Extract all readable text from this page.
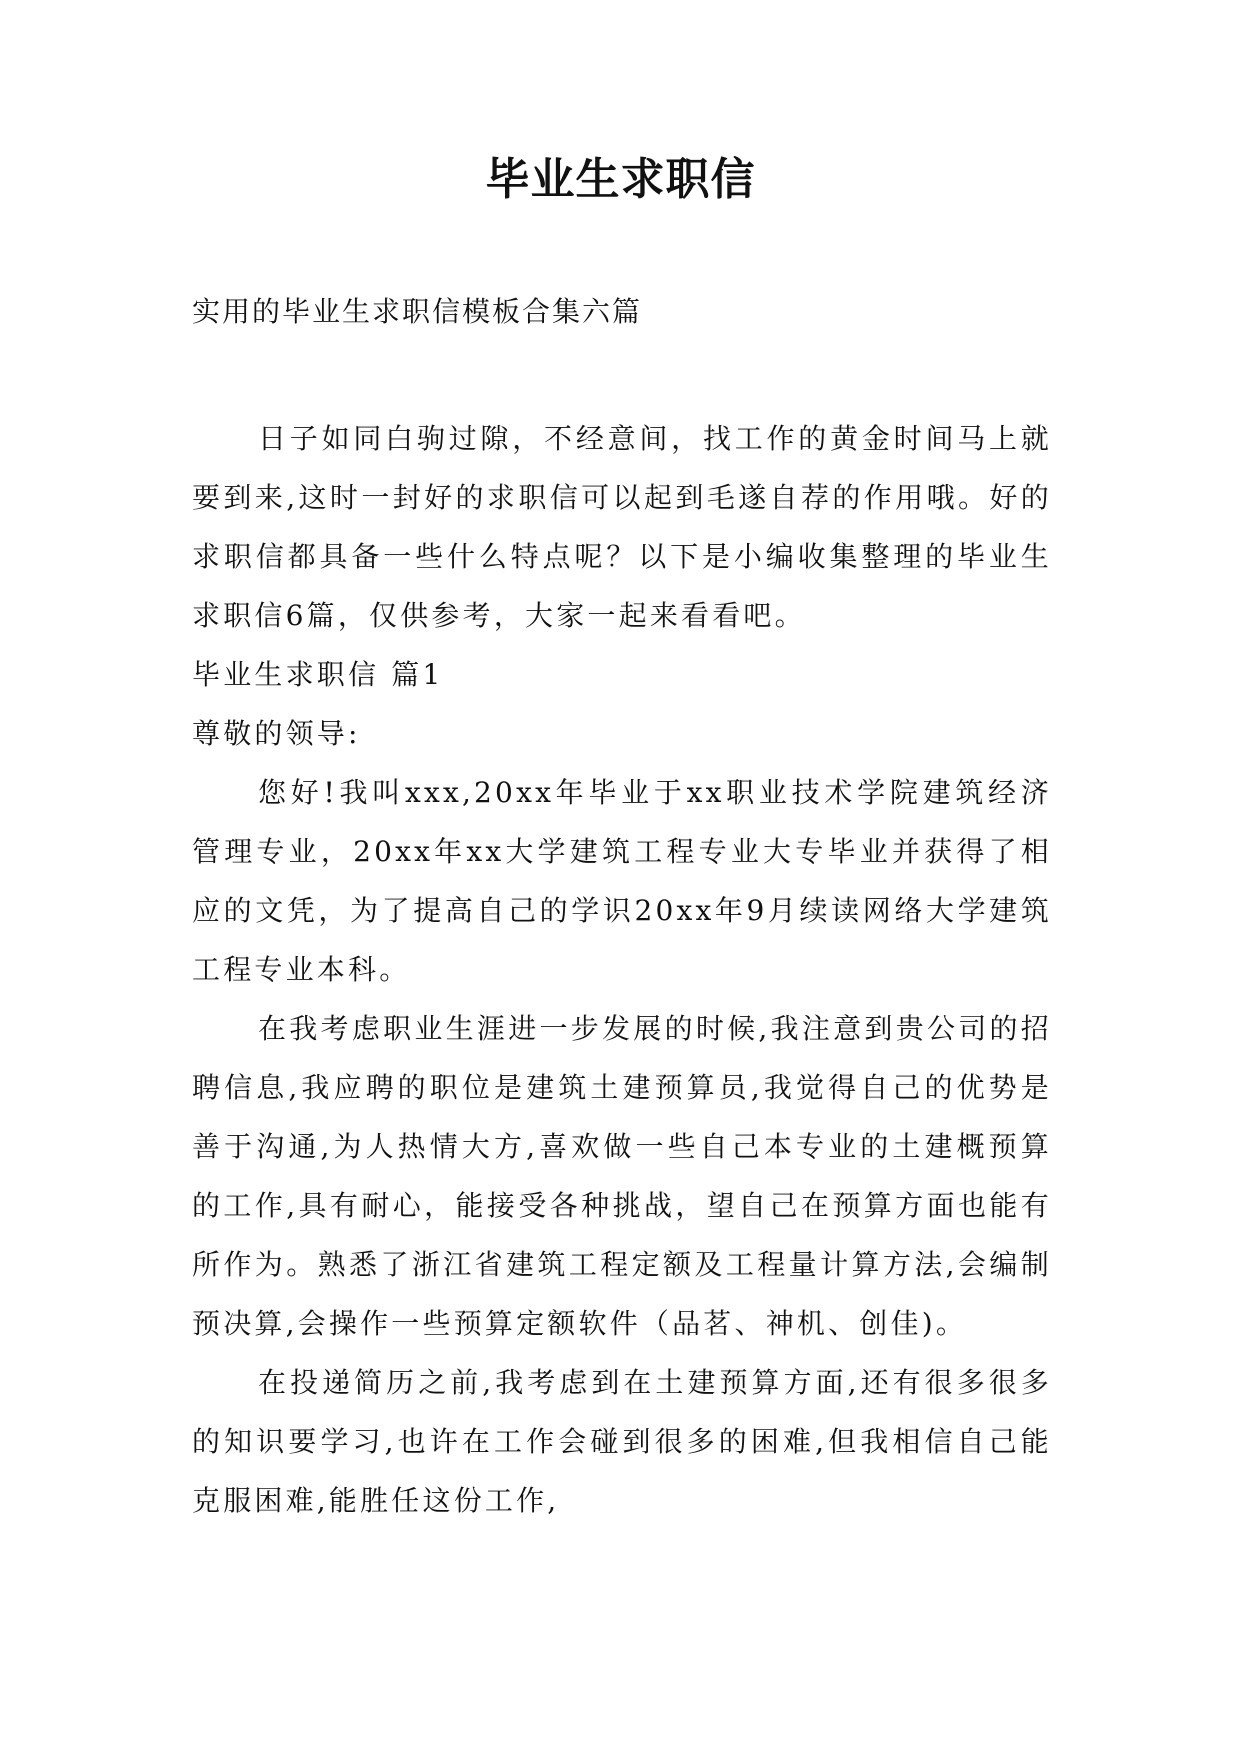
毕业生求职信
实用的毕业生求职信模板合集六篇

日子如同白驹过隙，不经意间，找工作的黄金时间马上就要到来,这时一封好的求职信可以起到毛遂自荐的作用哦。好的求职信都具备一些什么特点呢？以下是小编收集整理的毕业生求职信6篇，仅供参考，大家一起来看看吧。

毕业生求职信 篇1

尊敬的领导:

您好!我叫xxx,20xx年毕业于xx职业技术学院建筑经济管理专业，20xx年xx大学建筑工程专业大专毕业并获得了相应的文凭，为了提高自己的学识20xx年9月续读网络大学建筑工程专业本科。

在我考虑职业生涯进一步发展的时候,我注意到贵公司的招聘信息,我应聘的职位是建筑土建预算员,我觉得自己的优势是善于沟通,为人热情大方,喜欢做一些自己本专业的土建概预算的工作,具有耐心，能接受各种挑战，望自己在预算方面也能有所作为。熟悉了浙江省建筑工程定额及工程量计算方法,会编制预决算,会操作一些预算定额软件（品茗、神机、创佳)。

在投递简历之前,我考虑到在土建预算方面,还有很多很多的知识要学习,也许在工作会碰到很多的困难,但我相信自己能克服困难,能胜任这份工作,
